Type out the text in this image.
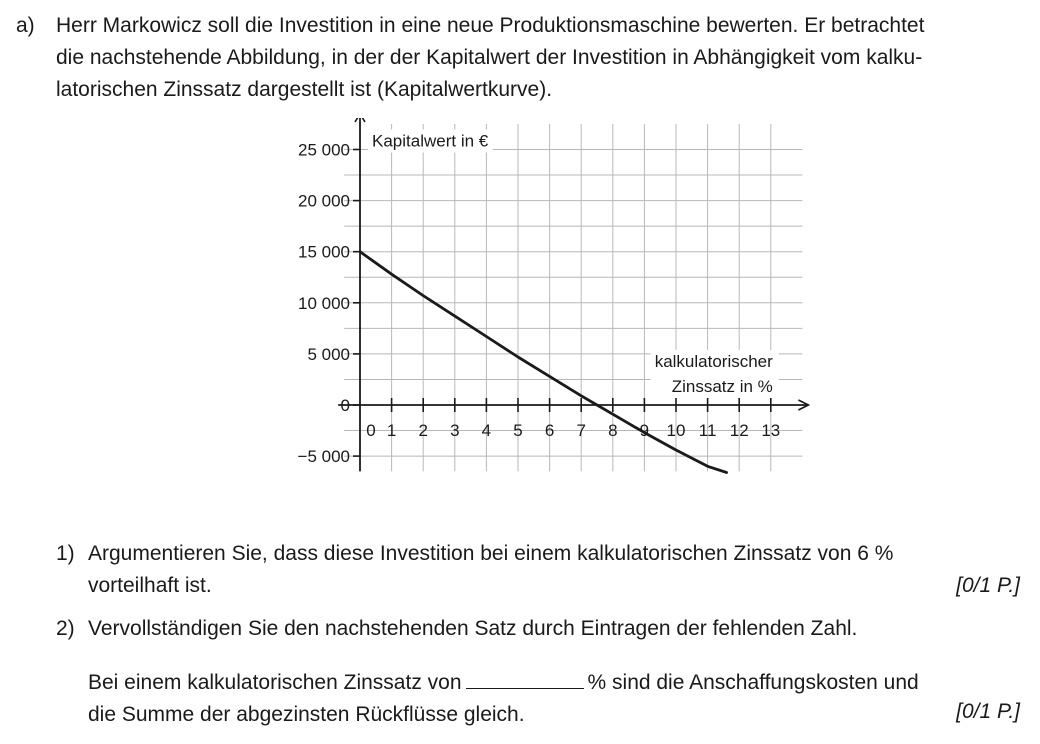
a) Herr Markowicz soll die Investition in eine neue Produktionsmaschine bewerten. Er betrachtet
die nachstehende Abbildung, in der der Kapitalwert der Investition in Abhängigkeit vom kalku-
latorischen Zinssatz dargestellt ist (Kapitalwertkurve).
−5 000
0
5 000
10 000
15 000
20 000
25 000
0 1 2 3 4 5 6 7 8 9 10 11 12 13
Kapitalwert in €
kalkulatorischer
Zinssatz in %
1) Argumentieren Sie, dass diese Investition bei einem kalkulatorischen Zinssatz von 6 %
vorteilhaft ist.	[0/1 P.]
2) Vervollständigen Sie den nachstehenden Satz durch Eintragen der fehlenden Zahl.
Bei einem kalkulatorischen Zinssatz von	% sind die Anschaffungskosten und
die Summe der abgezinsten Rückflüsse gleich.	[0/1 P.]
